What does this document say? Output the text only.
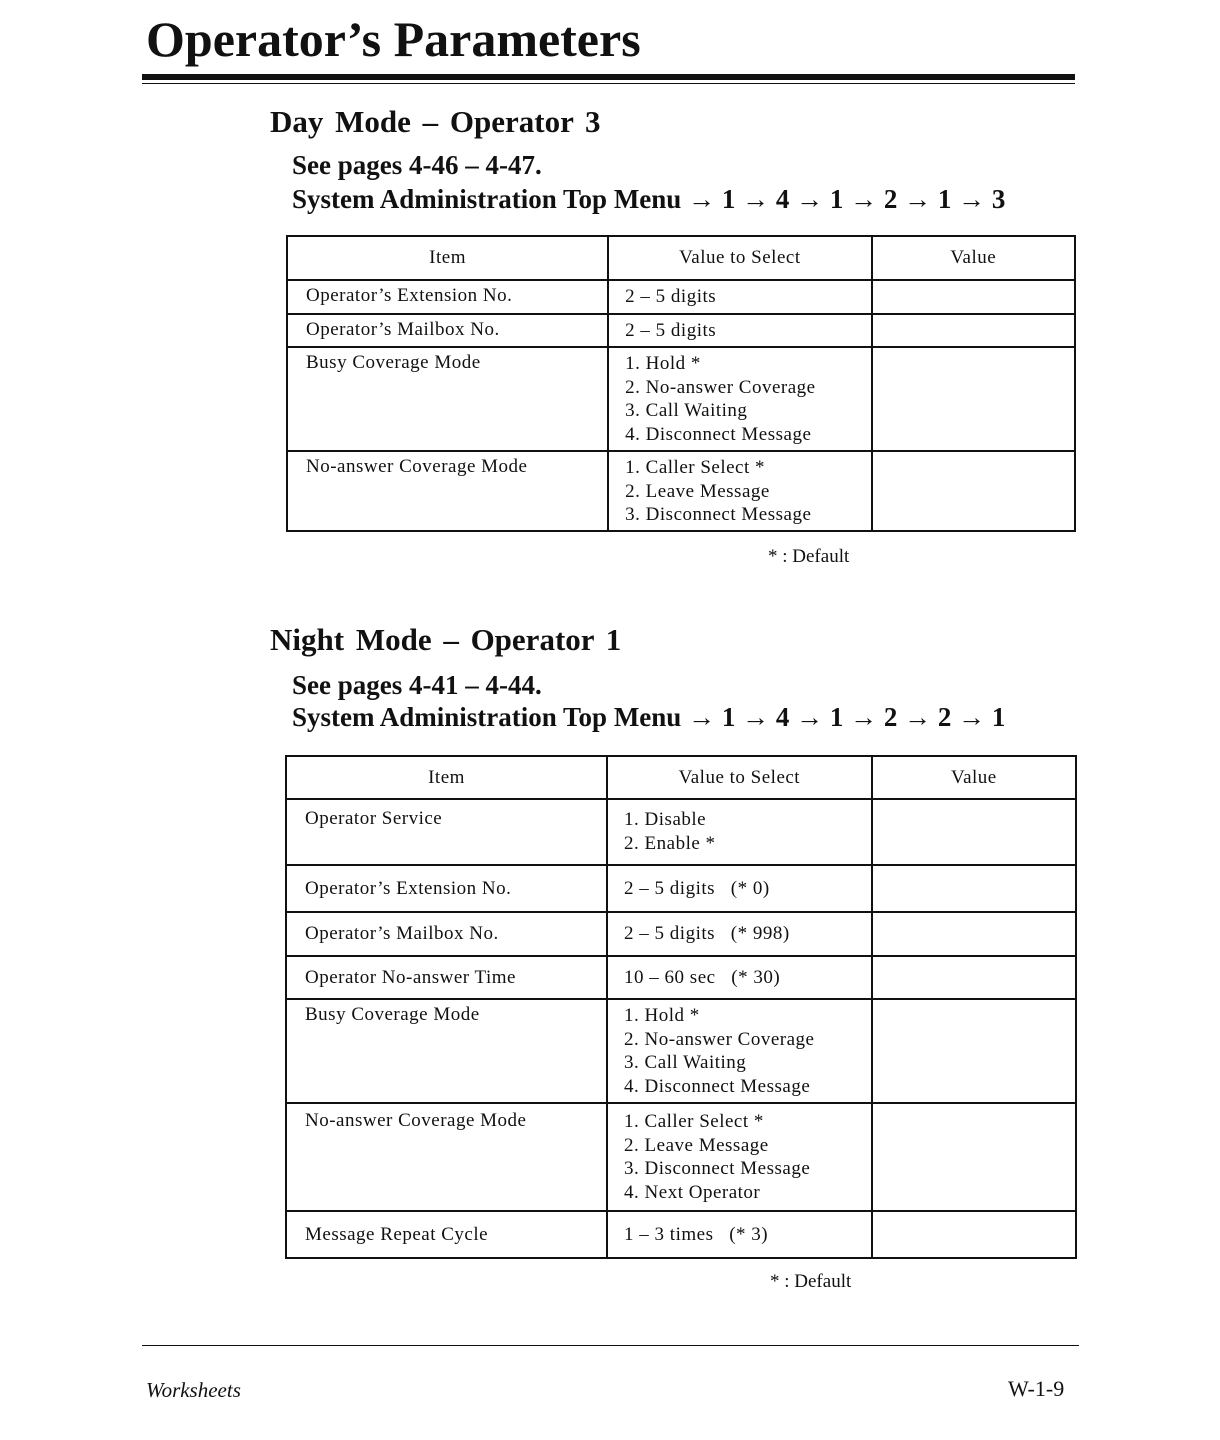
Operator’s Parameters
Day Mode – Operator 3
See pages 4-46 – 4-47.
System Administration Top Menu → 1 → 4 → 1 → 2 → 1 → 3
Item	Value to Select	Value
Operator’s Extension No.	2 – 5 digits	

Operator’s Mailbox No.	2 – 5 digits	

Busy Coverage Mode	1. Hold *
2. No-answer Coverage
3. Call Waiting
4. Disconnect Message	

No-answer Coverage Mode	1. Caller Select *
2. Leave Message
3. Disconnect Message	

* : Default
Night Mode – Operator 1
See pages 4-41 – 4-44.
System Administration Top Menu → 1 → 4 → 1 → 2 → 2 → 1
Item	Value to Select	Value
Operator Service	1. Disable
2. Enable *	

Operator’s Extension No.	2 – 5 digits   (* 0)	

Operator’s Mailbox No.	2 – 5 digits   (* 998)	

Operator No-answer Time	10 – 60 sec   (* 30)	

Busy Coverage Mode	1. Hold *
2. No-answer Coverage
3. Call Waiting
4. Disconnect Message	

No-answer Coverage Mode	1. Caller Select *
2. Leave Message
3. Disconnect Message
4. Next Operator	

Message Repeat Cycle	1 – 3 times   (* 3)	

* : Default
Worksheets	W-1-9
